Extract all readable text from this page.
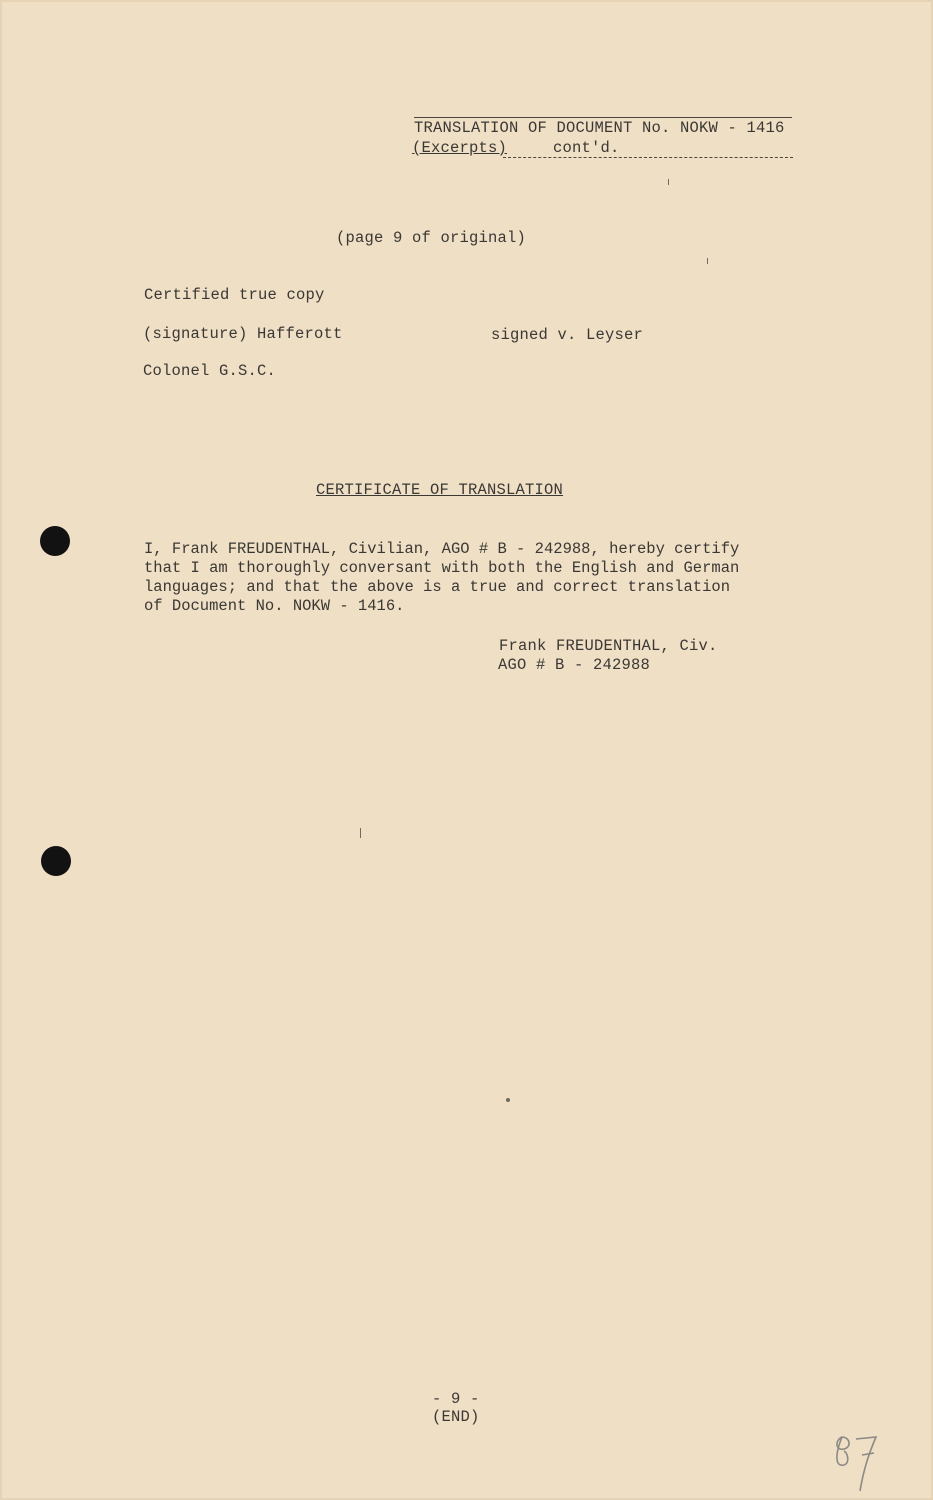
TRANSLATION OF DOCUMENT No. NOKW - 1416
(Excerpts)	cont'd.
(page 9 of original)
Certified true copy
(signature) Hafferott	signed v. Leyser
Colonel G.S.C.
CERTIFICATE OF TRANSLATION
I, Frank FREUDENTHAL, Civilian, AGO # B - 242988, hereby certify
that I am thoroughly conversant with both the English and German
languages; and that the above is a true and correct translation
of Document No. NOKW - 1416.
Frank FREUDENTHAL, Civ.
AGO # B - 242988
- 9 -
(END)
